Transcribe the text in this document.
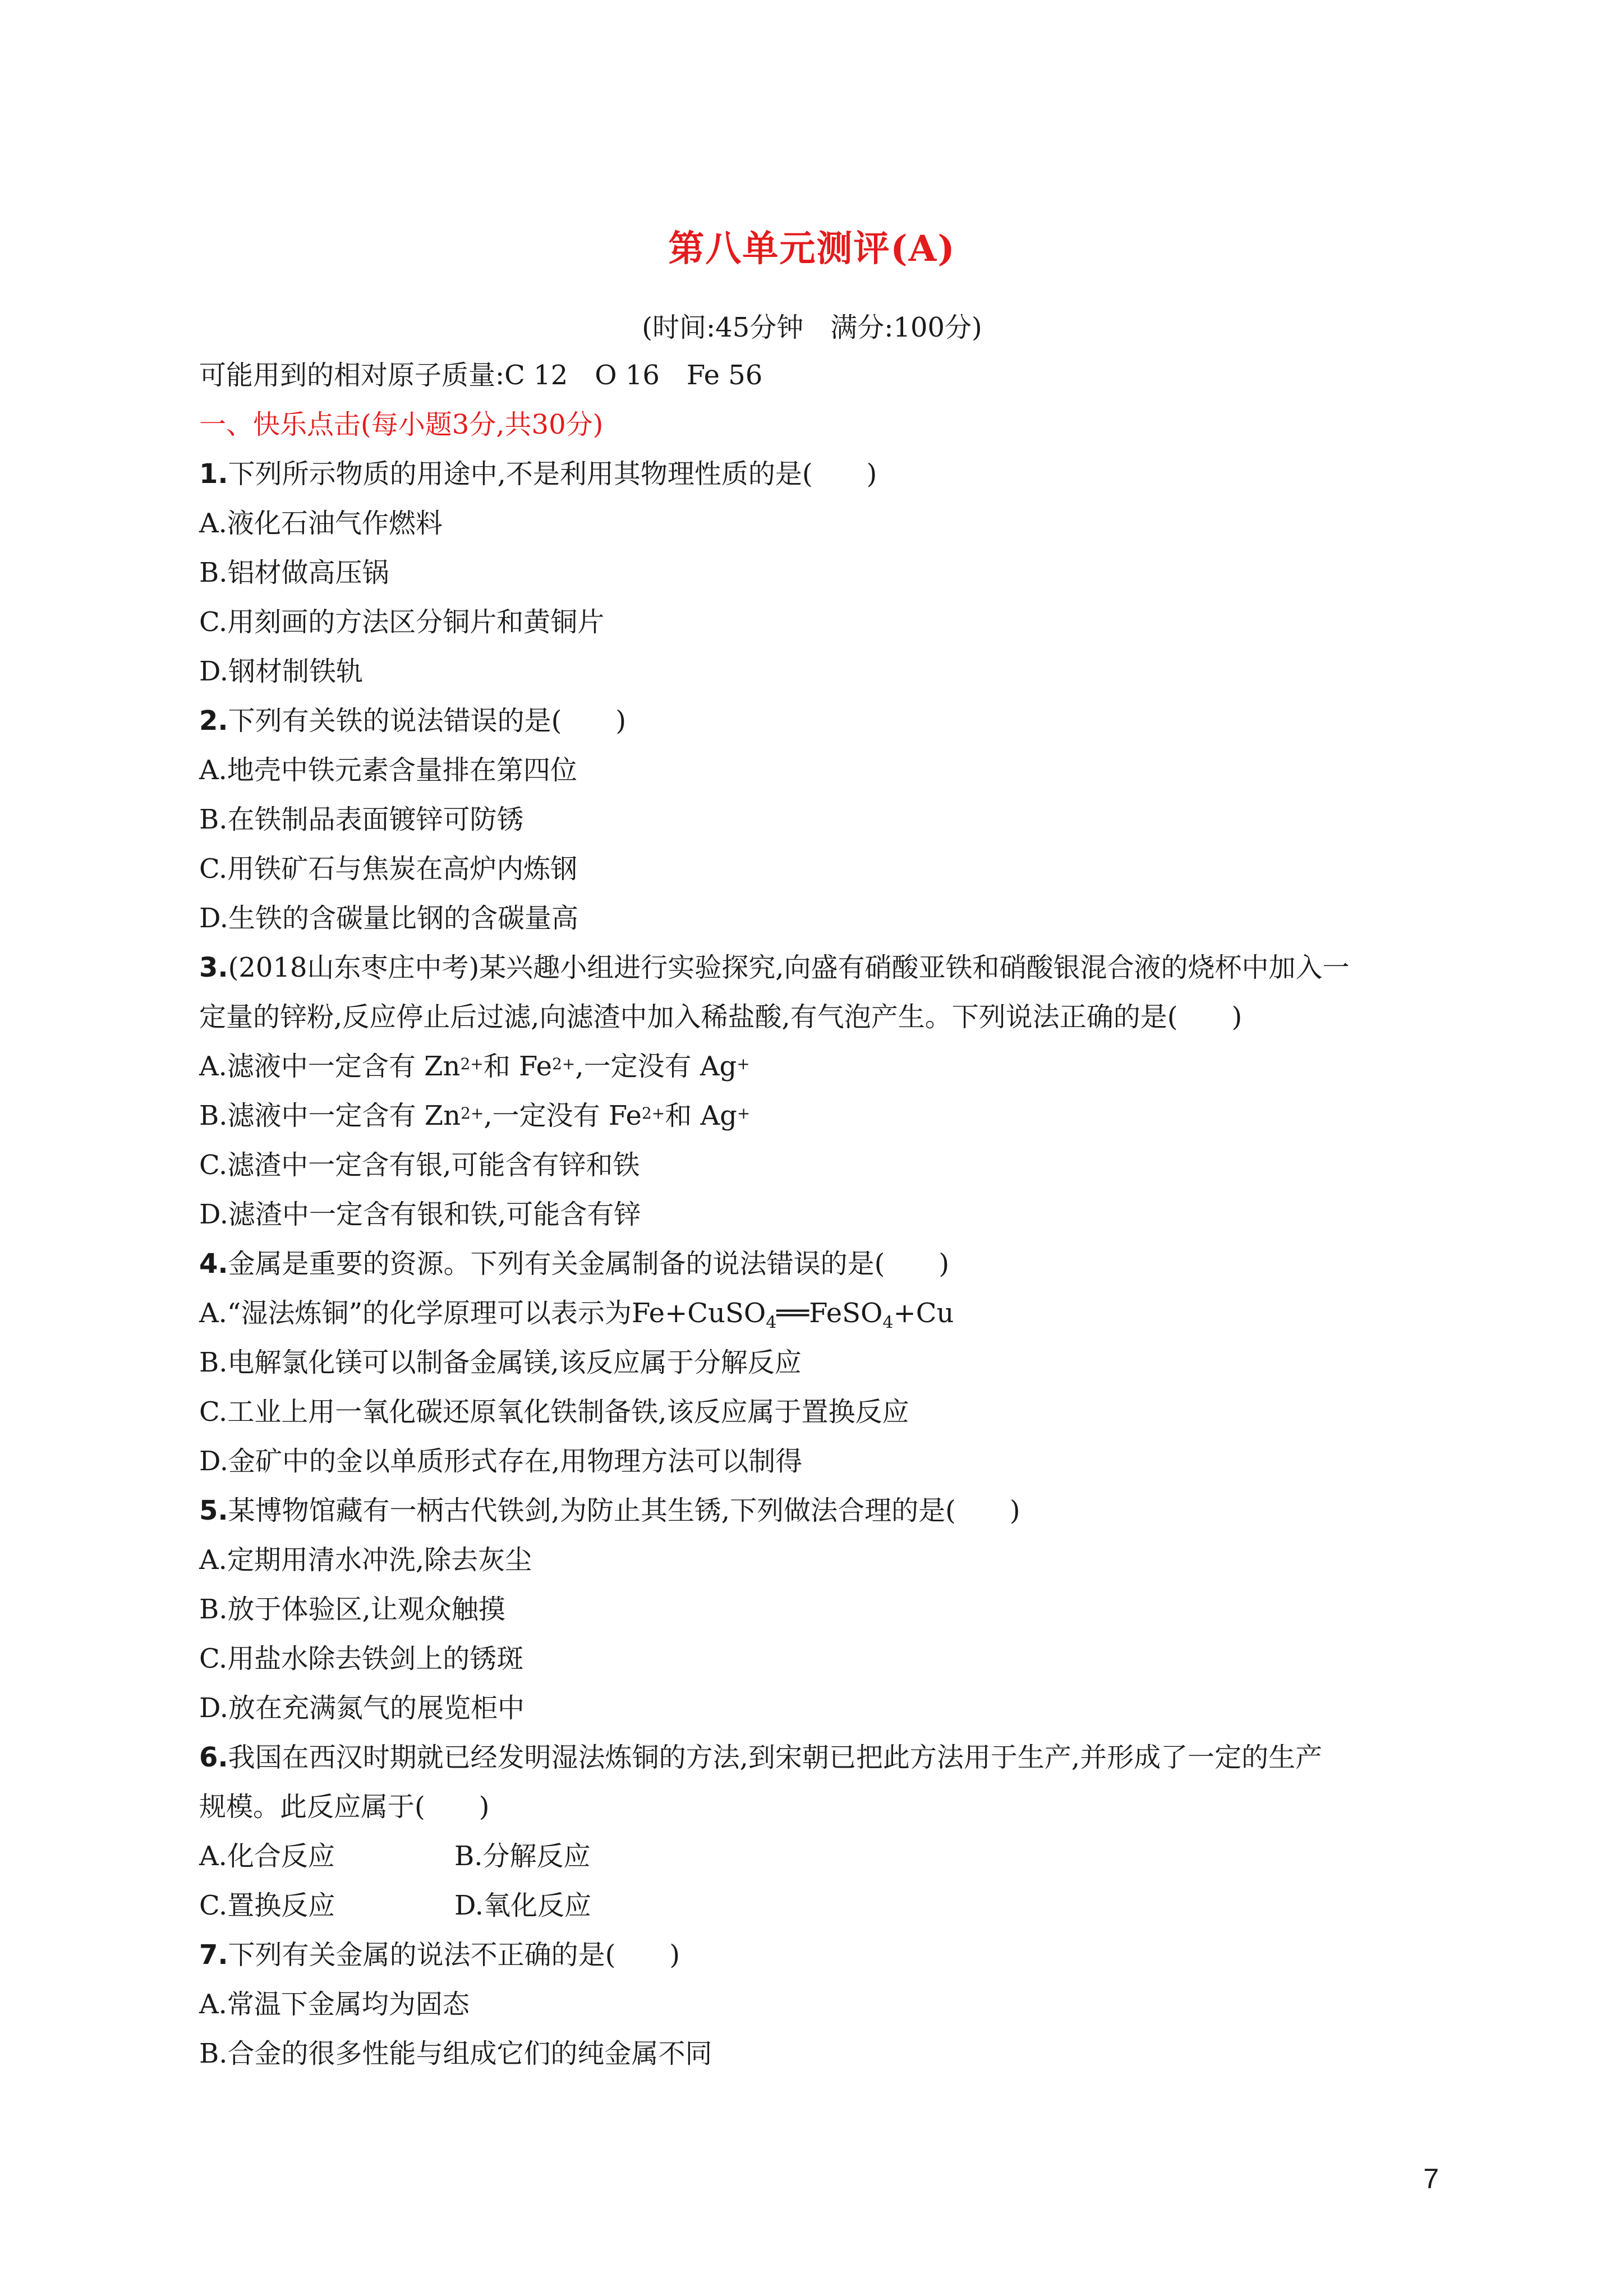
第八单元测评(A)
(时间:45分钟　满分:100分)
可能用到的相对原子质量:C 12　O 16　Fe 56
一、快乐点击(每小题3分,共30分)
1.下列所示物质的用途中,不是利用其物理性质的是(　　)
A.液化石油气作燃料
B.铝材做高压锅
C.用刻画的方法区分铜片和黄铜片
D.钢材制铁轨
2.下列有关铁的说法错误的是(　　)
A.地壳中铁元素含量排在第四位
B.在铁制品表面镀锌可防锈
C.用铁矿石与焦炭在高炉内炼钢
D.生铁的含碳量比钢的含碳量高
3.(2018山东枣庄中考)某兴趣小组进行实验探究,向盛有硝酸亚铁和硝酸银混合液的烧杯中加入一
定量的锌粉,反应停止后过滤,向滤渣中加入稀盐酸,有气泡产生。下列说法正确的是(　　)
A.滤液中一定含有 $Zn^{2+}$和 $Fe^{2+}$,一定没有 Ag+
B.滤液中一定含有 $Zn^{2+}$,一定没有 $Fe^{2+}$和 Ag+
C.滤渣中一定含有银,可能含有锌和铁
D.滤渣中一定含有银和铁,可能含有锌
4.金属是重要的资源。下列有关金属制备的说法错误的是(　　)
A.“湿法炼铜”的化学原理可以表示为Fe+CuSO$_4$══FeSO$_4$+Cu
B.电解氯化镁可以制备金属镁,该反应属于分解反应
C.工业上用一氧化碳还原氧化铁制备铁,该反应属于置换反应
D.金矿中的金以单质形式存在,用物理方法可以制得
5.某博物馆藏有一柄古代铁剑,为防止其生锈,下列做法合理的是(　　)
A.定期用清水冲洗,除去灰尘
B.放于体验区,让观众触摸
C.用盐水除去铁剑上的锈斑
D.放在充满氮气的展览柜中
6.我国在西汉时期就已经发明湿法炼铜的方法,到宋朝已把此方法用于生产,并形成了一定的生产
规模。此反应属于(　　)
A.化合反应	B.分解反应
C.置换反应	D.氧化反应
7.下列有关金属的说法不正确的是(　　)
A.常温下金属均为固态
B.合金的很多性能与组成它们的纯金属不同
7
